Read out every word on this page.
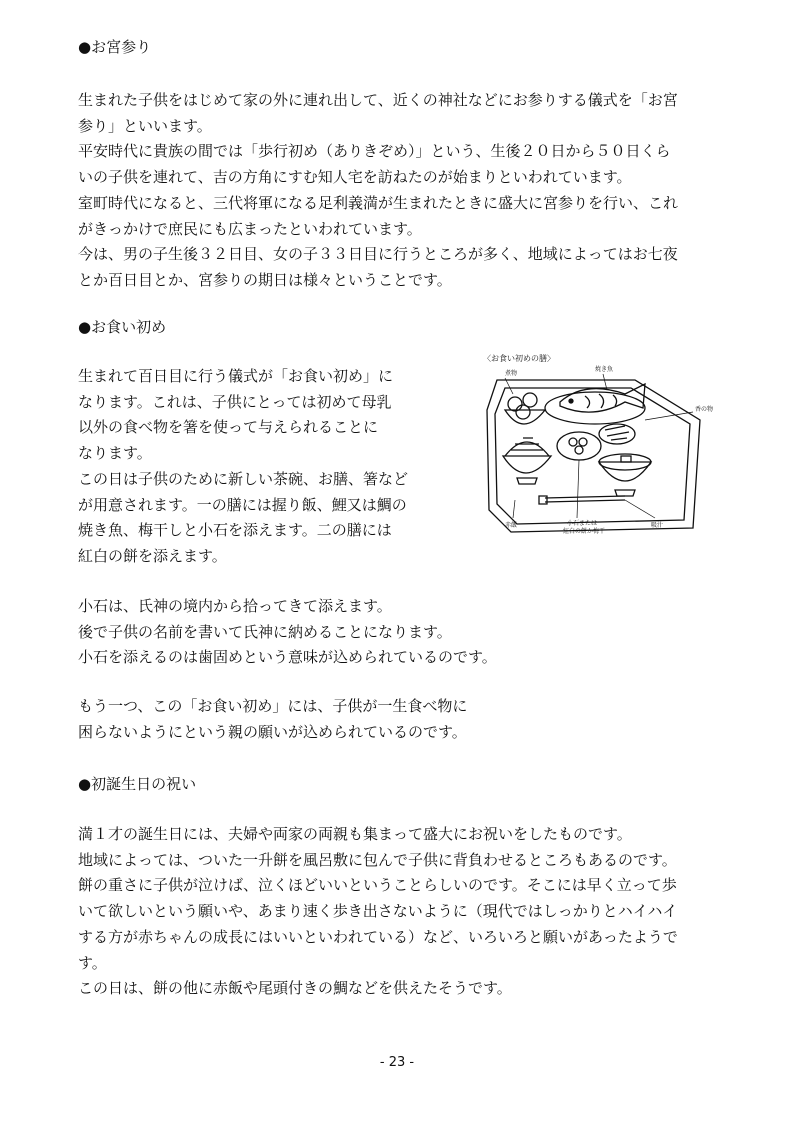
●お宮参り

生まれた子供をはじめて家の外に連れ出して、近くの神社などにお参りする儀式を「お宮

参り」といいます。

平安時代に貴族の間では「歩行初め（ありきぞめ）」という、生後２０日から５０日くら

いの子供を連れて、吉の方角にすむ知人宅を訪ねたのが始まりといわれています。

室町時代になると、三代将軍になる足利義満が生まれたときに盛大に宮参りを行い、これ

がきっかけで庶民にも広まったといわれています。

今は、男の子生後３２日目、女の子３３日目に行うところが多く、地域によってはお七夜

とか百日目とか、宮参りの期日は様々ということです。

●お食い初め

生まれて百日目に行う儀式が「お食い初め」に

なります。これは、子供にとっては初めて母乳

以外の食べ物を箸を使って与えられることに

なります。

この日は子供のために新しい茶碗、お膳、箸など

が用意されます。一の膳には握り飯、鯉又は鯛の

焼き魚、梅干しと小石を添えます。二の膳には

紅白の餅を添えます。

小石は、氏神の境内から拾ってきて添えます。

後で子供の名前を書いて氏神に納めることになります。

小石を添えるのは歯固めという意味が込められているのです。

もう一つ、この「お食い初め」には、子供が一生食べ物に

困らないようにという親の願いが込められているのです。

〈お食い初めの膳〉
煮物
焼き魚
香の物
赤飯	小石または
紅白の餅か梅干
吸汁
●初誕生日の祝い

満１才の誕生日には、夫婦や両家の両親も集まって盛大にお祝いをしたものです。

地域によっては、ついた一升餅を風呂敷に包んで子供に背負わせるところもあるのです。

餅の重さに子供が泣けば、泣くほどいいということらしいのです。そこには早く立って歩

いて欲しいという願いや、あまり速く歩き出さないように（現代ではしっかりとハイハイ

する方が赤ちゃんの成長にはいいといわれている）など、いろいろと願いがあったようで

す。

この日は、餅の他に赤飯や尾頭付きの鯛などを供えたそうです。

- 23 -
